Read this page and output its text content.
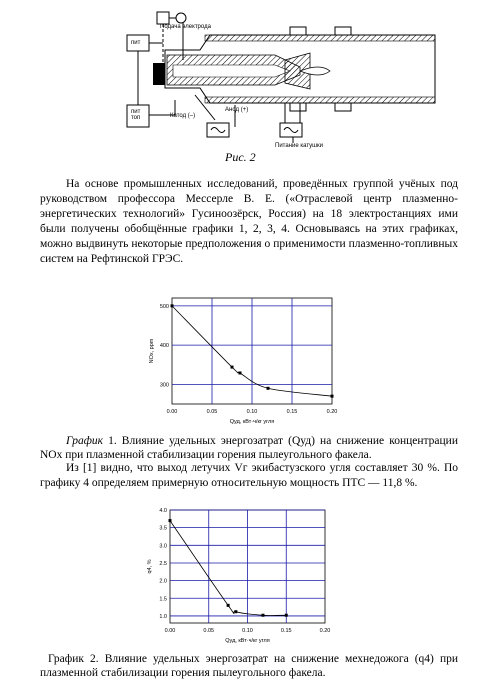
Подача электрода
пит
пит
топ	Катод (–)
Анод (+)
Питание катушки
Рис. 2
На основе промышленных исследований, проведённых группой учёных под руководством профессора Мессерле В. Е. («Отраслевой центр плазменно-энергетических технологий» Гусиноозёрск, Россия) на 18 электростанциях ими были получены обобщённые графики 1, 2, 3, 4. Основываясь на этих графиках, можно выдвинуть некоторые предположения о применимости плазменно-топливных систем на Рефтинской ГРЭС.
0.00	0.05	0.10	0.15	0.20
300
400
500
Qуд, кВт·ч/кг угля
NOx, ppm
График 1. Влияние удельных энергозатрат (Qуд) на снижение концентрации NOx при плазменной стабилизации горения пылеугольного факела.
Из [1] видно, что выход летучих Vг экибастузского угля составляет 30 %. По графику 4 определяем примерную относительную мощность ПТС — 11,8 %.
0.00	0.05	0.10	0.15	0.20
1.0
1.5
2.0
2.5
3.0
3.5
4.0
Qуд, кВт·ч/кг угля
q4, %
График 2. Влияние удельных энергозатрат на снижение мехнедожога (q4) при плазменной стабилизации горения пылеугольного факела.
